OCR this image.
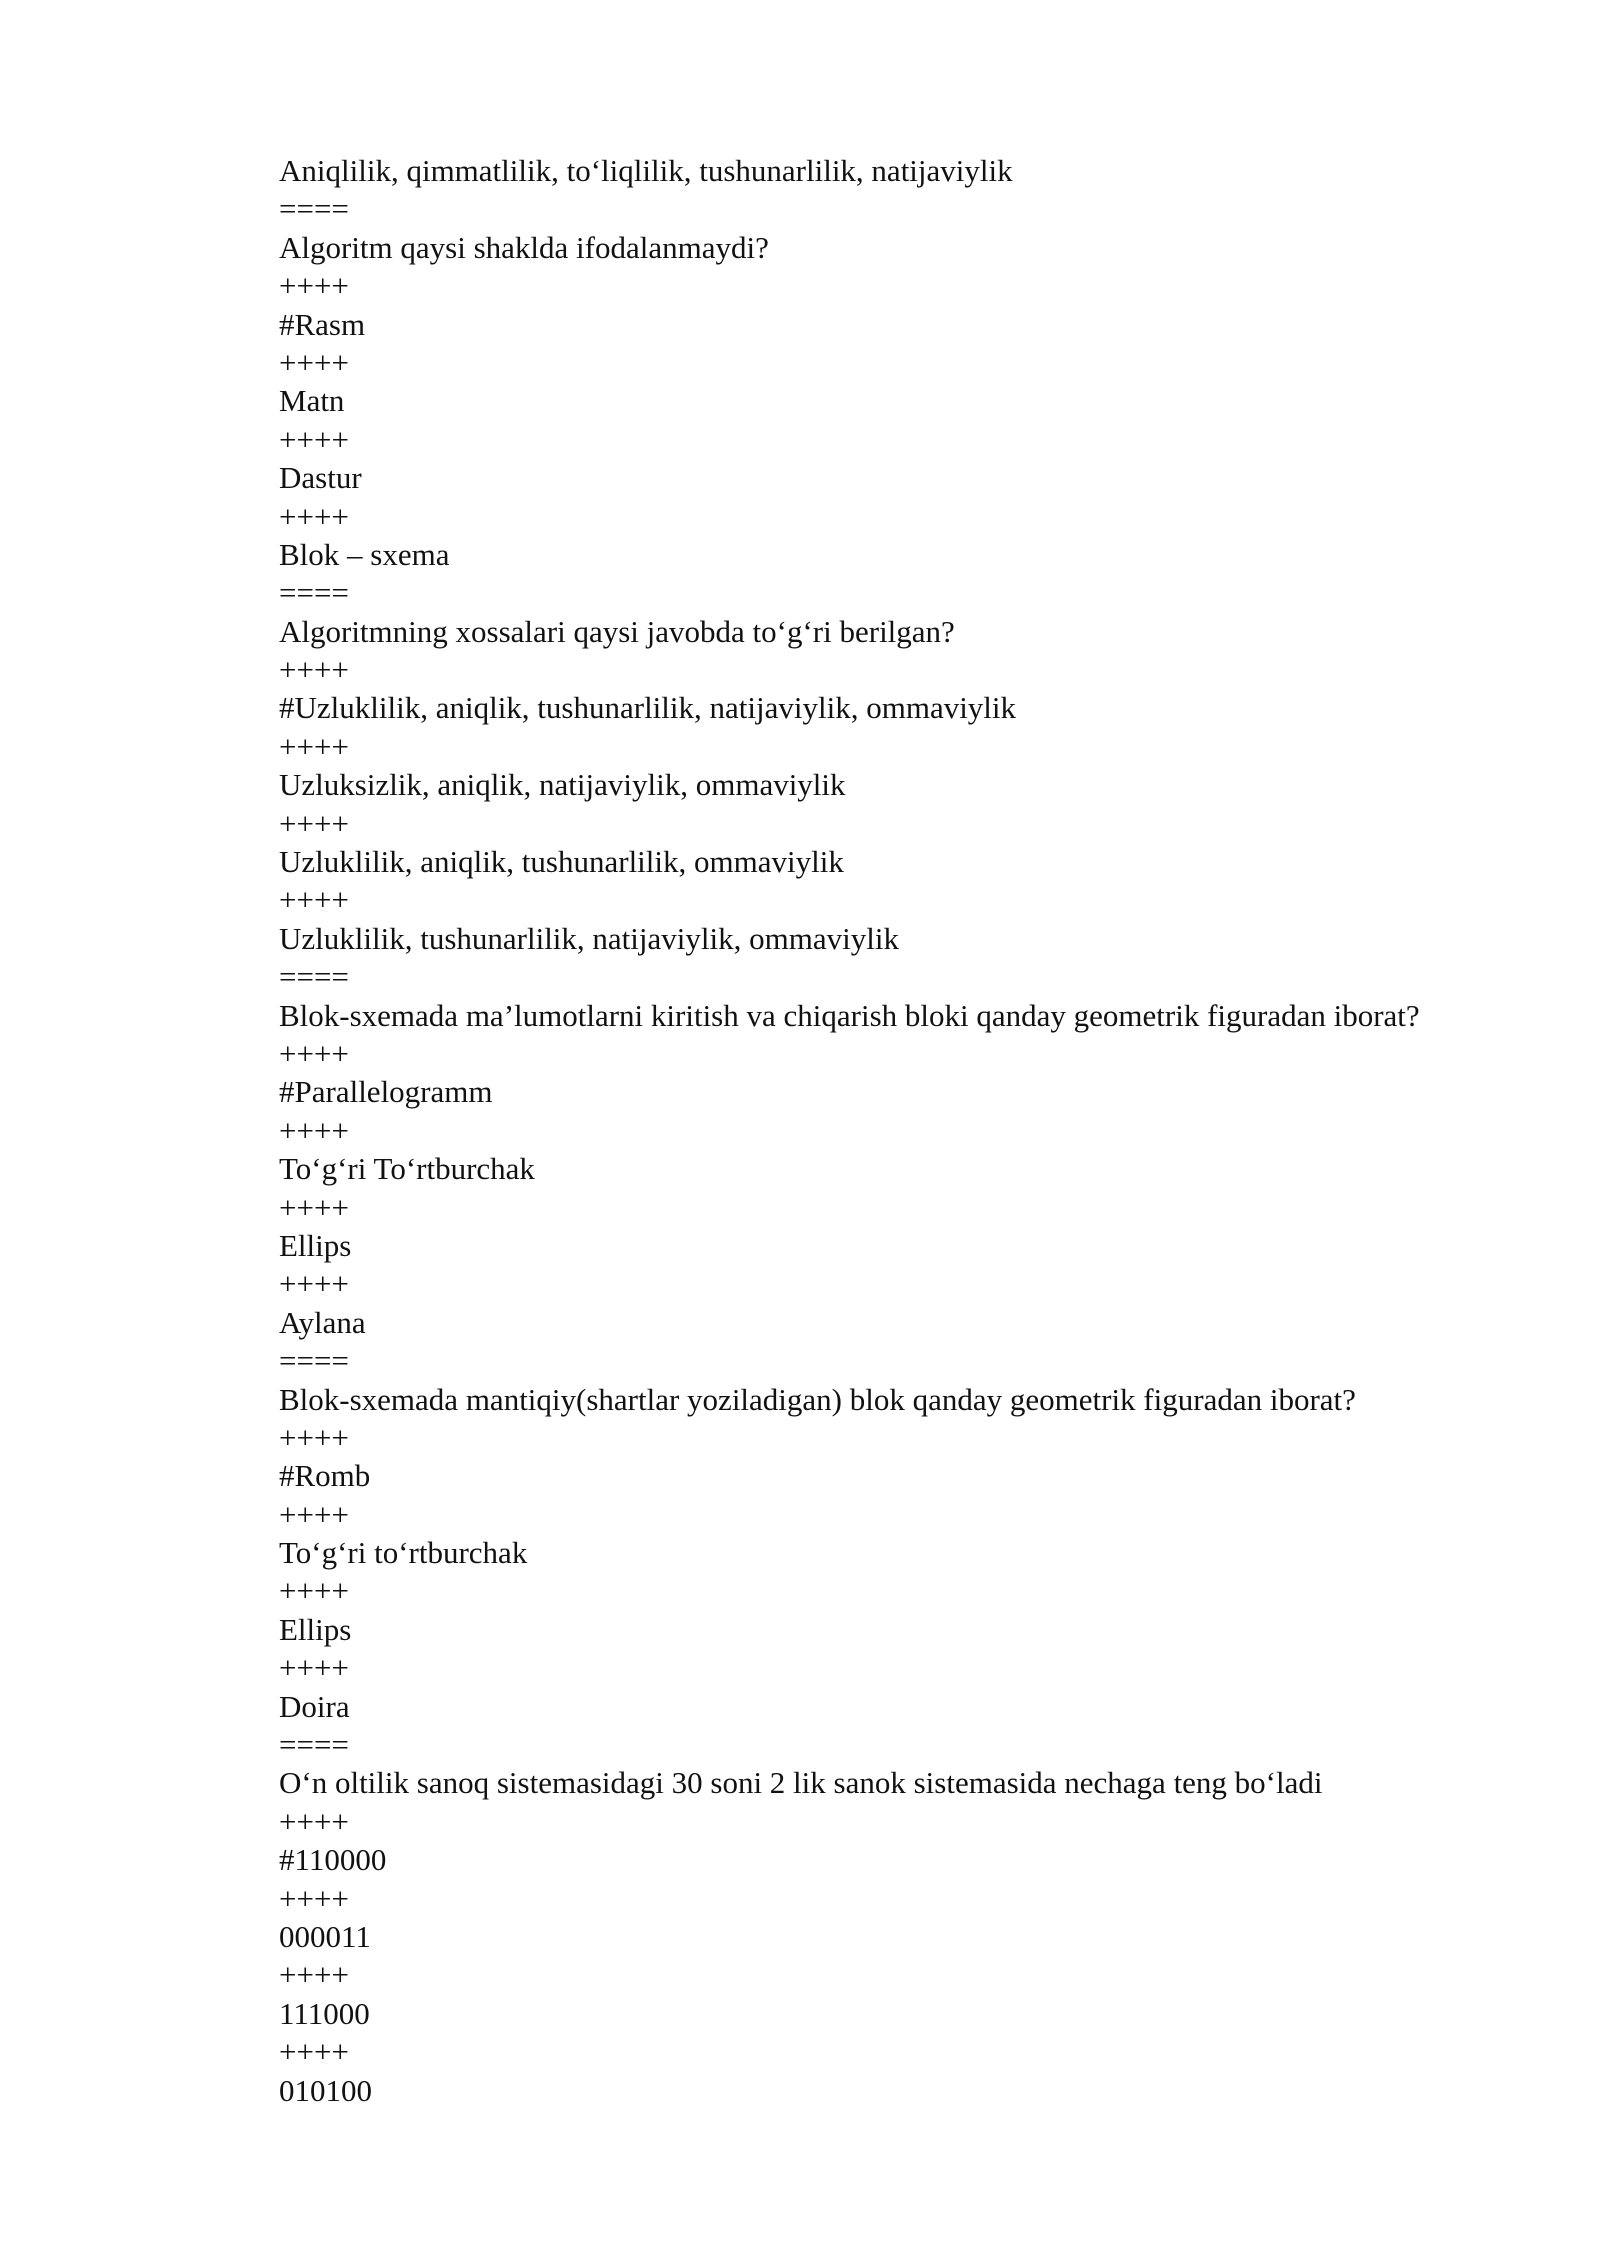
Aniqlilik, qimmatlilik, to‘liqlilik, tushunarlilik, natijaviylik

====

Algoritm qaysi shaklda ifodalanmaydi?

++++

#Rasm

++++

Matn

++++

Dastur

++++

Blok – sxema

====

Algoritmning xossalari qaysi javobda to‘g‘ri berilgan?

++++

#Uzluklilik, aniqlik, tushunarlilik, natijaviylik, ommaviylik

++++

Uzluksizlik, aniqlik, natijaviylik, ommaviylik

++++

Uzluklilik, aniqlik, tushunarlilik, ommaviylik

++++

Uzluklilik, tushunarlilik, natijaviylik, ommaviylik

====

Blok-sxemada ma’lumotlarni kiritish va chiqarish bloki qanday geometrik figuradan iborat?

++++

#Parallelogramm

++++

To‘g‘ri To‘rtburchak

++++

Ellips

++++

Aylana

====

Blok-sxemada mantiqiy(shartlar yoziladigan) blok qanday geometrik figuradan iborat?

++++

#Romb

++++

To‘g‘ri to‘rtburchak

++++

Ellips

++++

Doira

====

O‘n oltilik sanoq sistemasidagi 30 soni 2 lik sanok sistemasida nechaga teng bo‘ladi

++++

#110000

++++

000011

++++

111000

++++

010100
